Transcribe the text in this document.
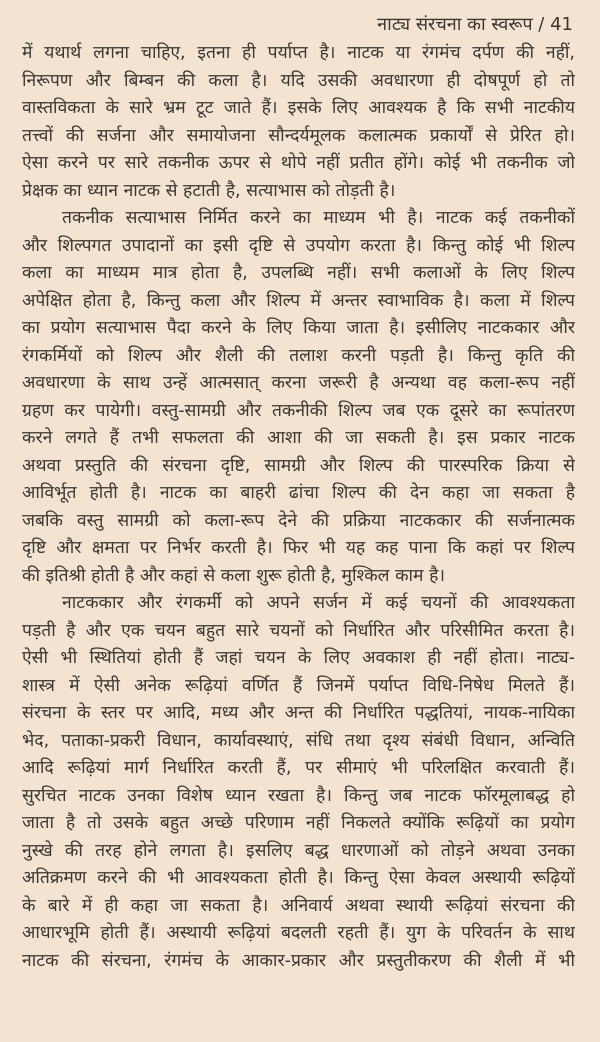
नाट्य संरचना का स्वरूप / 41
में यथार्थ लगना चाहिए, इतना ही पर्याप्त है। नाटक या रंगमंच दर्पण की नहीं,
निरूपण और बिम्बन की कला है। यदि उसकी अवधारणा ही दोषपूर्ण हो तो
वास्तविकता के सारे भ्रम टूट जाते हैं। इसके लिए आवश्यक है कि सभी नाटकीय
तत्त्वों की सर्जना और समायोजना सौन्दर्यमूलक कलात्मक प्रकार्यों से प्रेरित हो।
ऐसा करने पर सारे तकनीक ऊपर से थोपे नहीं प्रतीत होंगे। कोई भी तकनीक जो
प्रेक्षक का ध्यान नाटक से हटाती है, सत्याभास को तोड़ती है।
तकनीक सत्याभास निर्मित करने का माध्यम भी है। नाटक कई तकनीकों
और शिल्पगत उपादानों का इसी दृष्टि से उपयोग करता है। किन्तु कोई भी शिल्प
कला का माध्यम मात्र होता है, उपलब्धि नहीं। सभी कलाओं के लिए शिल्प
अपेक्षित होता है, किन्तु कला और शिल्प में अन्तर स्वाभाविक है। कला में शिल्प
का प्रयोग सत्याभास पैदा करने के लिए किया जाता है। इसीलिए नाटककार और
रंगकर्मियों को शिल्प और शैली की तलाश करनी पड़ती है। किन्तु कृति की
अवधारणा के साथ उन्हें आत्मसात् करना जरूरी है अन्यथा वह कला-रूप नहीं
ग्रहण कर पायेगी। वस्तु-सामग्री और तकनीकी शिल्प जब एक दूसरे का रूपांतरण
करने लगते हैं तभी सफलता की आशा की जा सकती है। इस प्रकार नाटक
अथवा प्रस्तुति की संरचना दृष्टि, सामग्री और शिल्प की पारस्परिक क्रिया से
आविर्भूत होती है। नाटक का बाहरी ढांचा शिल्प की देन कहा जा सकता है
जबकि वस्तु सामग्री को कला-रूप देने की प्रक्रिया नाटककार की सर्जनात्मक
दृष्टि और क्षमता पर निर्भर करती है। फिर भी यह कह पाना कि कहां पर शिल्प
की इतिश्री होती है और कहां से कला शुरू होती है, मुश्किल काम है।
नाटककार और रंगकर्मी को अपने सर्जन में कई चयनों की आवश्यकता
पड़ती है और एक चयन बहुत सारे चयनों को निर्धारित और परिसीमित करता है।
ऐसी भी स्थितियां होती हैं जहां चयन के लिए अवकाश ही नहीं होता। नाट्य-
शास्त्र में ऐसी अनेक रूढ़ियां वर्णित हैं जिनमें पर्याप्त विधि-निषेध मिलते हैं।
संरचना के स्तर पर आदि, मध्य और अन्त की निर्धारित पद्धतियां, नायक-नायिका
भेद, पताका-प्रकरी विधान, कार्यावस्थाएं, संधि तथा दृश्य संबंधी विधान, अन्विति
आदि रूढ़ियां मार्ग निर्धारित करती हैं, पर सीमाएं भी परिलक्षित करवाती हैं।
सुरचित नाटक उनका विशेष ध्यान रखता है। किन्तु जब नाटक फॉरमूलाबद्ध हो
जाता है तो उसके बहुत अच्छे परिणाम नहीं निकलते क्योंकि रूढ़ियों का प्रयोग
नुस्खे की तरह होने लगता है। इसलिए बद्ध धारणाओं को तोड़ने अथवा उनका
अतिक्रमण करने की भी आवश्यकता होती है। किन्तु ऐसा केवल अस्थायी रूढ़ियों
के बारे में ही कहा जा सकता है। अनिवार्य अथवा स्थायी रूढ़ियां संरचना की
आधारभूमि होती हैं। अस्थायी रूढ़ियां बदलती रहती हैं। युग के परिवर्तन के साथ
नाटक की संरचना, रंगमंच के आकार-प्रकार और प्रस्तुतीकरण की शैली में भी
